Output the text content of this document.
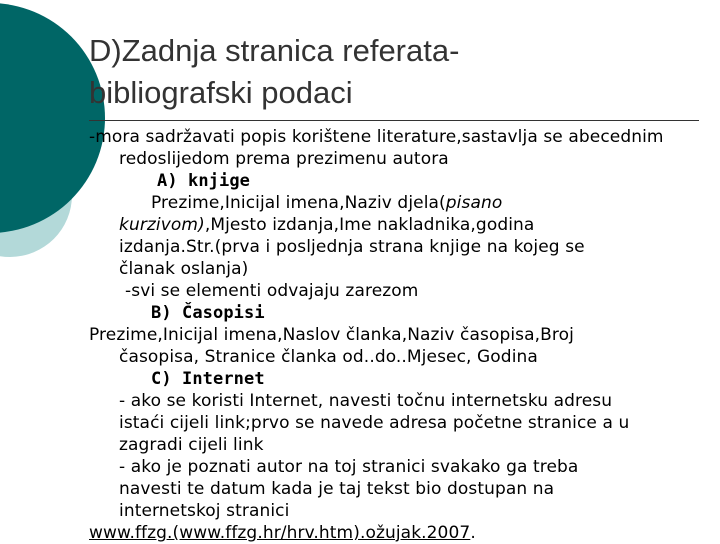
D)Zadnja stranica referata-
bibliografski podaci
-mora sadržavati popis korištene literature,sastavlja se abecednim
redoslijedom prema prezimenu autora
A) knjige
Prezime,Inicijal imena,Naziv djela(pisano
kurzivom),Mjesto izdanja,Ime nakladnika,godina
izdanja.Str.(prva i posljednja strana knjige na kojeg se
članak oslanja)
-svi se elementi odvajaju zarezom
B) Časopisi
Prezime,Inicijal imena,Naslov članka,Naziv časopisa,Broj
časopisa, Stranice članka od..do..Mjesec, Godina
C) Internet
- ako se koristi Internet, navesti točnu internetsku adresu
istaći cijeli link;prvo se navede adresa početne stranice a u
zagradi cijeli link
- ako je poznati autor na toj stranici svakako ga treba
navesti te datum kada je taj tekst bio dostupan na
internetskoj stranici
www.ffzg.(www.ffzg.hr/hrv.htm).ožujak.2007.
